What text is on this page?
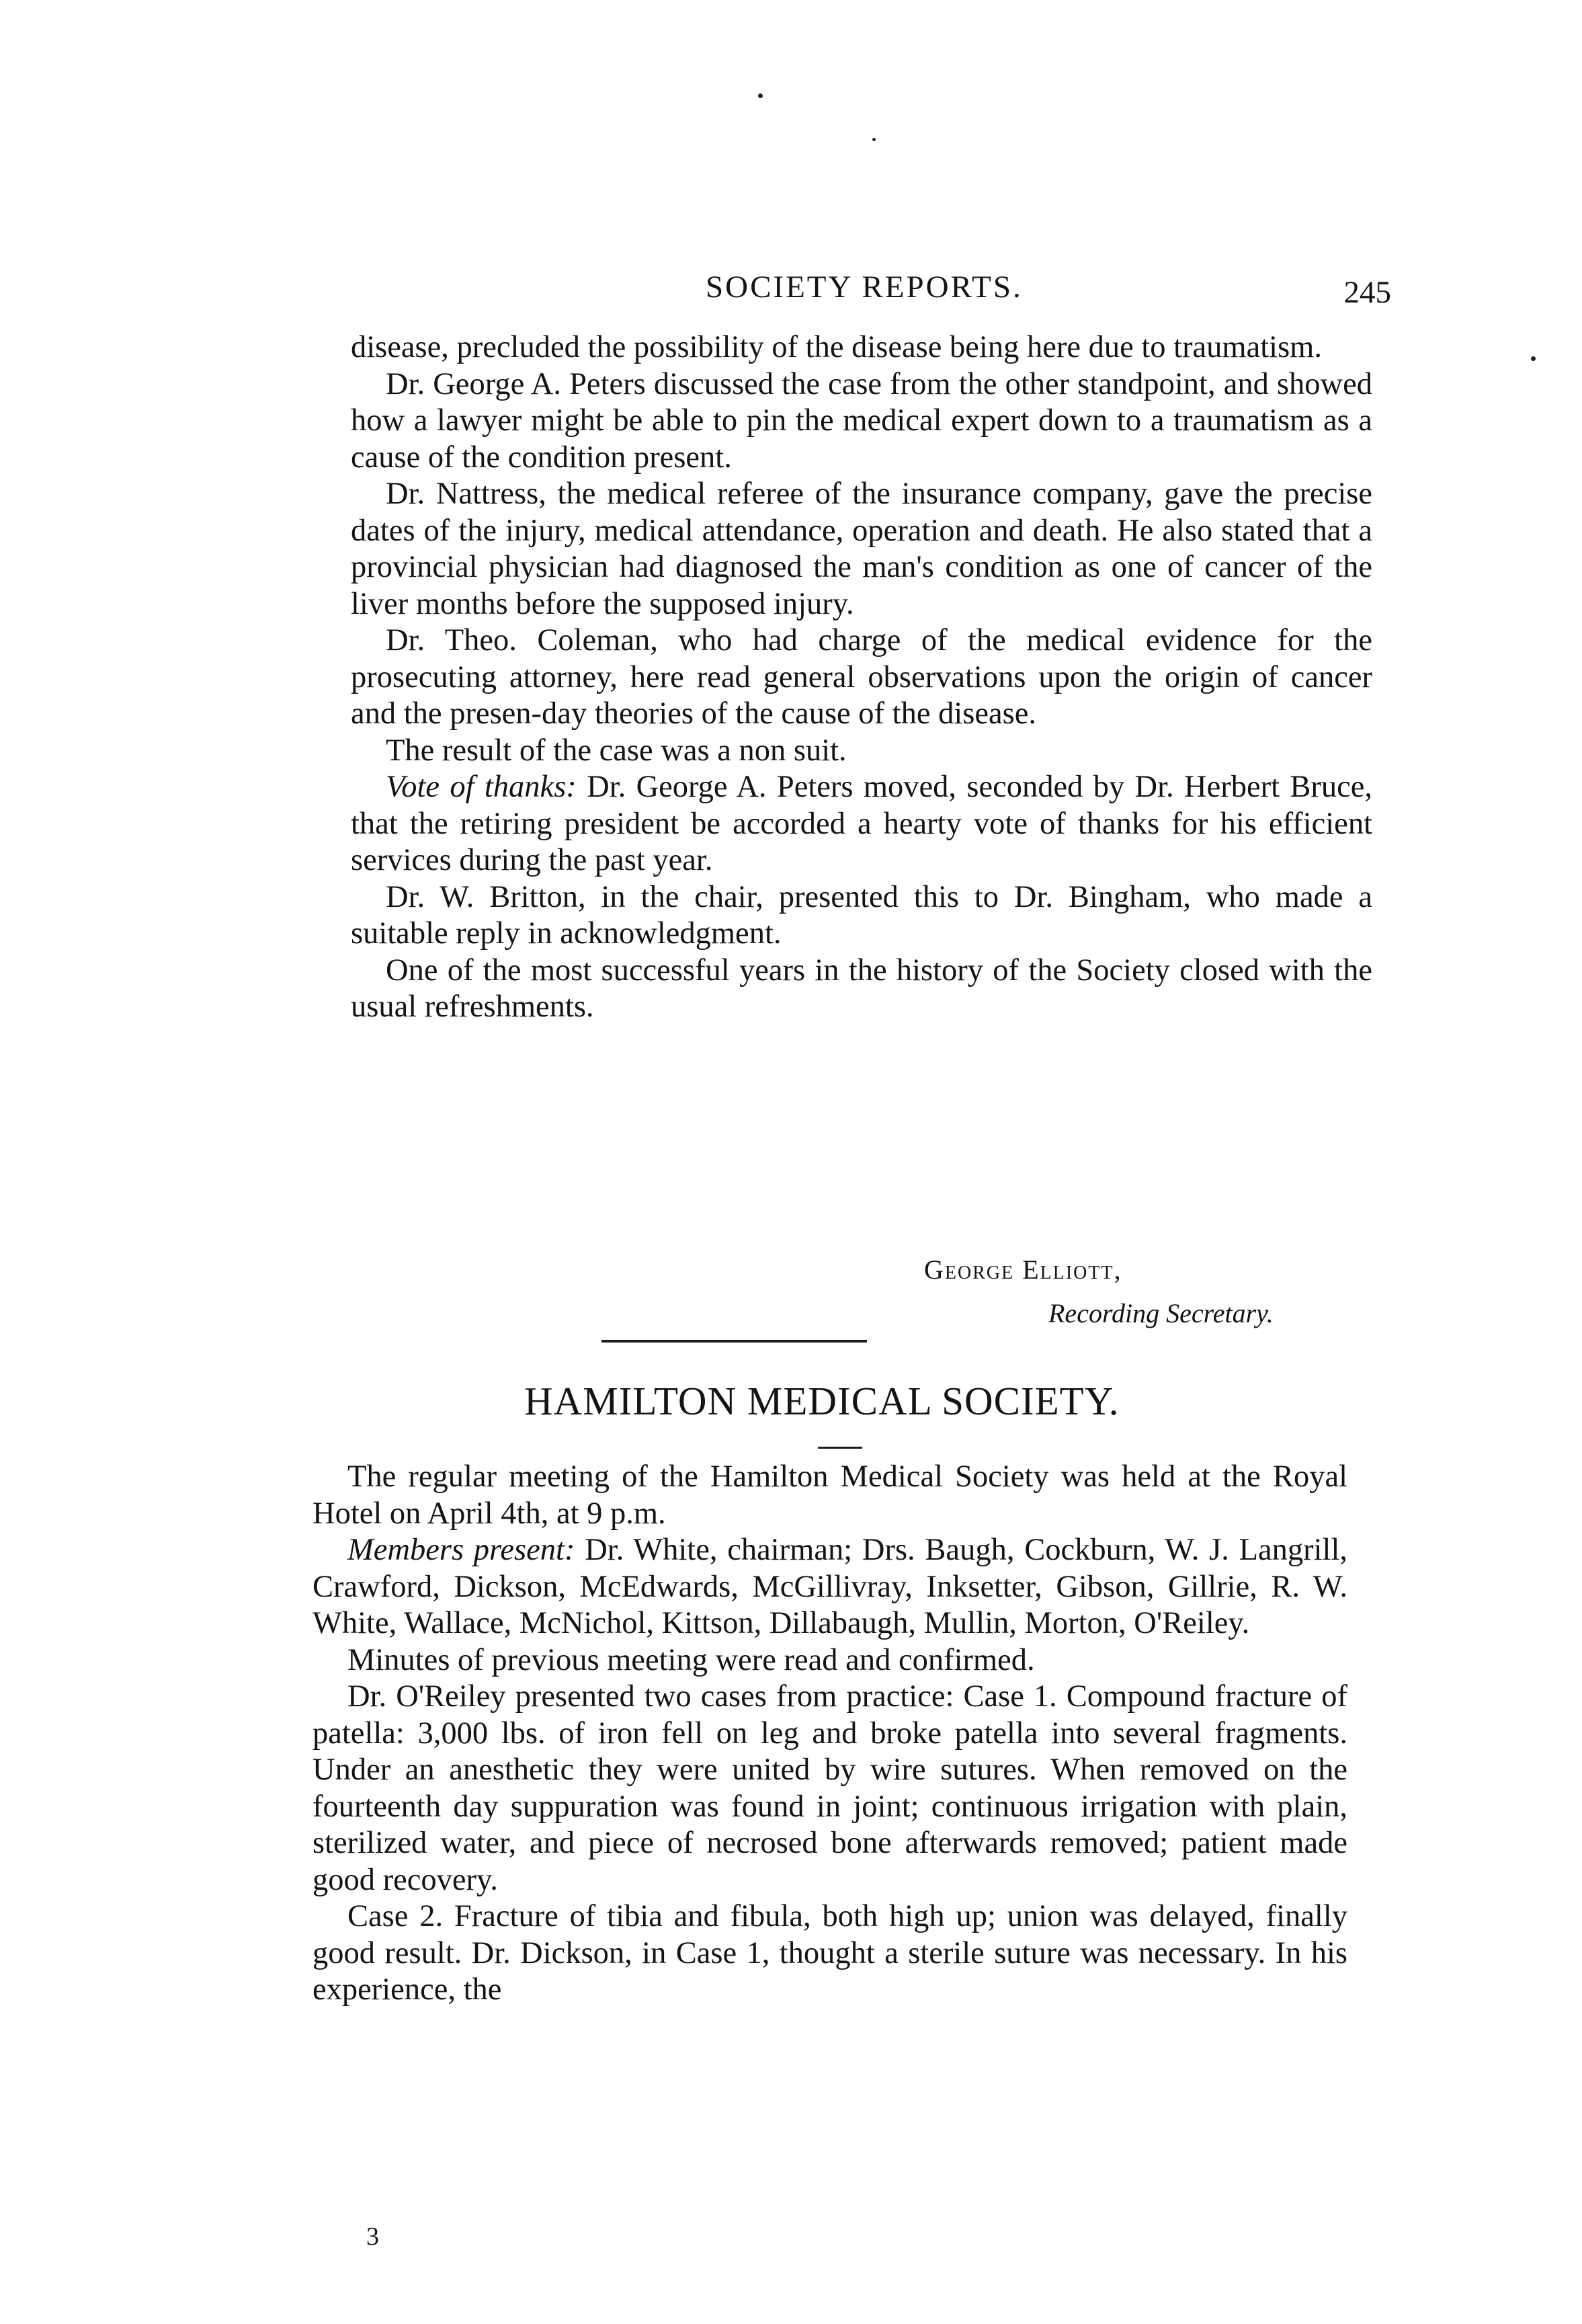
SOCIETY REPORTS.	245

disease, precluded the possibility of the disease being here due to traumatism.

Dr. George A. Peters discussed the case from the other standpoint, and showed how a lawyer might be able to pin the medical expert down to a traumatism as a cause of the condition present.

Dr. Nattress, the medical referee of the insurance company, gave the precise dates of the injury, medical attendance, operation and death. He also stated that a provincial physician had diagnosed the man's condition as one of cancer of the liver months before the supposed injury.

Dr. Theo. Coleman, who had charge of the medical evidence for the prosecuting attorney, here read general observations upon the origin of cancer and the presen-day theories of the cause of the disease.

The result of the case was a non suit.

Vote of thanks: Dr. George A. Peters moved, seconded by Dr. Herbert Bruce, that the retiring president be accorded a hearty vote of thanks for his efficient services during the past year.

Dr. W. Britton, in the chair, presented this to Dr. Bingham, who made a suitable reply in acknowledgment.

One of the most successful years in the history of the Society closed with the usual refreshments.

George Elliott,
Recording Secretary.
HAMILTON MEDICAL SOCIETY.

The regular meeting of the Hamilton Medical Society was held at the Royal Hotel on April 4th, at 9 p.m.

Members present: Dr. White, chairman; Drs. Baugh, Cockburn, W. J. Langrill, Crawford, Dickson, McEdwards, McGillivray, Inksetter, Gibson, Gillrie, R. W. White, Wallace, McNichol, Kittson, Dillabaugh, Mullin, Morton, O'Reiley.

Minutes of previous meeting were read and confirmed.

Dr. O'Reiley presented two cases from practice: Case 1. Compound fracture of patella: 3,000 lbs. of iron fell on leg and broke patella into several fragments. Under an anesthetic they were united by wire sutures. When removed on the fourteenth day suppuration was found in joint; continuous irrigation with plain, sterilized water, and piece of necrosed bone afterwards removed; patient made good recovery.

Case 2. Fracture of tibia and fibula, both high up; union was delayed, finally good result. Dr. Dickson, in Case 1, thought a sterile suture was necessary. In his experience, the

3
